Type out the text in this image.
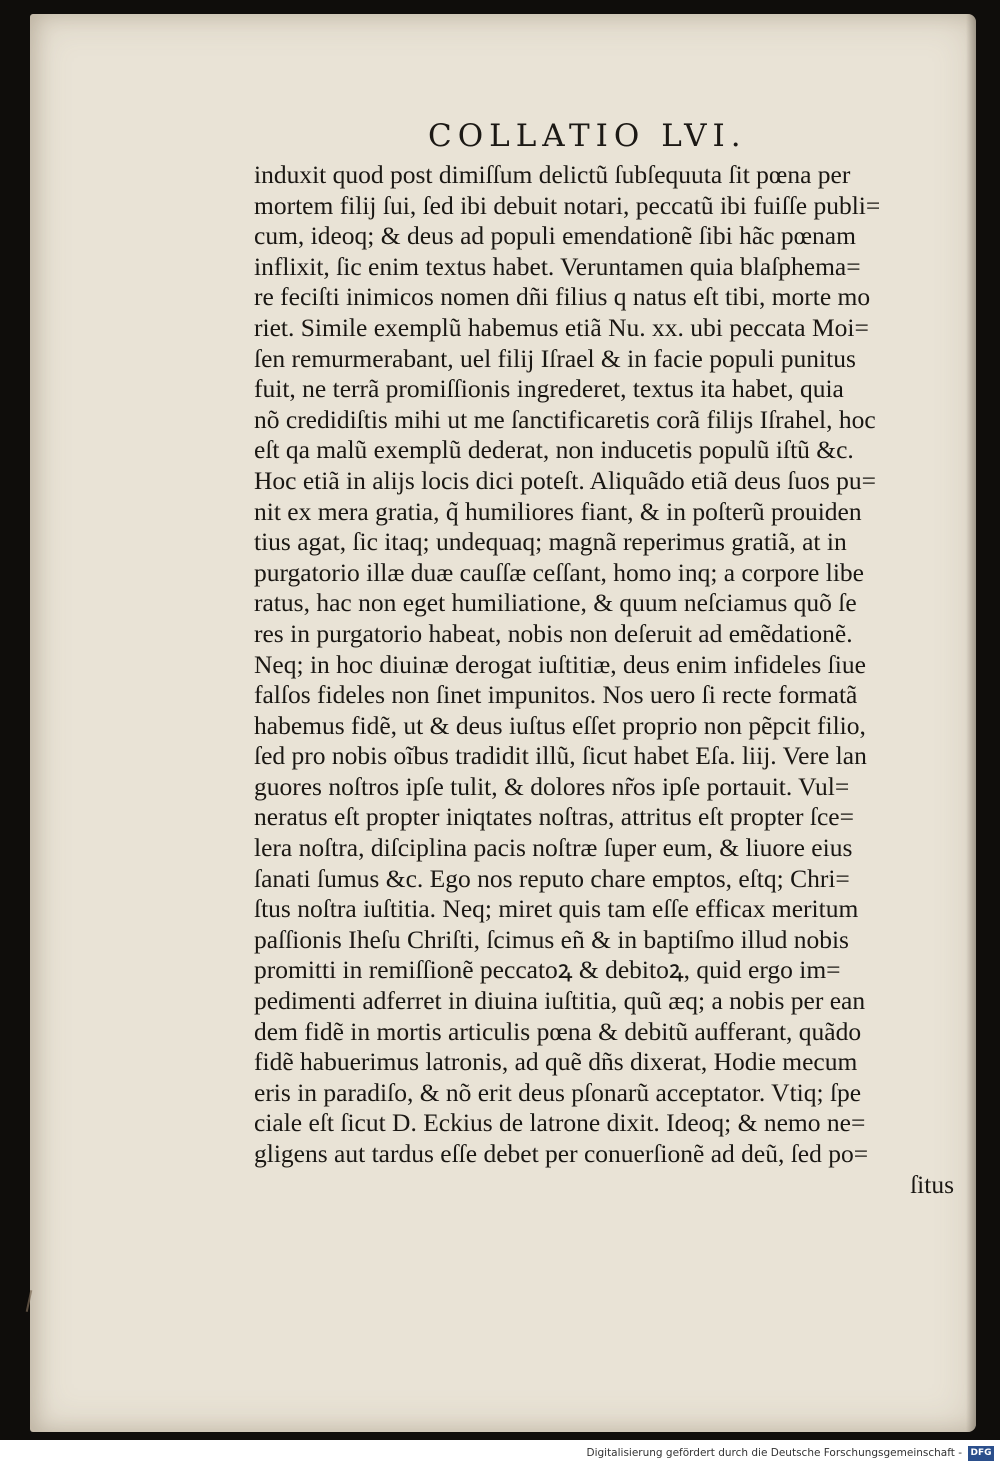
COLLATIO LVI.
induxit quod post dimiſſum delictũ ſubſequuta ſit pœna per
mortem filij ſui, ſed ibi debuit notari, peccatũ ibi fuiſſe publi=
cum, ideoq; & deus ad populi emendationẽ ſibi hãc pœnam
inflixit, ſic enim textus habet. Veruntamen quia blaſphema=
re feciſti inimicos nomen dñi filius q natus eſt tibi, morte mo
riet. Simile exemplũ habemus etiã Nu. xx. ubi peccata Moi=
ſen remurmerabant, uel filij Iſrael & in facie populi punitus
fuit, ne terrã promiſſionis ingrederet, textus ita habet, quia
nõ credidiſtis mihi ut me ſanctificaretis corã filijs Iſrahel, hoc
eſt qa malũ exemplũ dederat, non inducetis populũ iſtũ &c.
Hoc etiã in alijs locis dici poteſt. Aliquãdo etiã deus ſuos pu=
nit ex mera gratia, q̃ humiliores fiant, & in poſterũ prouiden
tius agat, ſic itaq; undequaq; magnã reperimus gratiã, at in
purgatorio illæ duæ cauſſæ ceſſant, homo inq; a corpore libe
ratus, hac non eget humiliatione, & quum neſciamus quõ ſe
res in purgatorio habeat, nobis non deſeruit ad emẽdationẽ.
Neq; in hoc diuinæ derogat iuſtitiæ, deus enim infideles ſiue
falſos fideles non ſinet impunitos. Nos uero ſi recte formatã
habemus fidẽ, ut & deus iuſtus eſſet proprio non pẽpcit filio,
ſed pro nobis oĩbus tradidit illũ, ſicut habet Eſa. liij. Vere lan
guores noſtros ipſe tulit, & dolores nr̃os ipſe portauit. Vul=
neratus eſt propter iniqtates noſtras, attritus eſt propter ſce=
lera noſtra, diſciplina pacis noſtræ ſuper eum, & liuore eius
ſanati ſumus &c. Ego nos reputo chare emptos, eſtq; Chri=
ſtus noſtra iuſtitia. Neq; miret quis tam eſſe efficax meritum
paſſionis Iheſu Chriſti, ſcimus eñ & in baptiſmo illud nobis
promitti in remiſſionẽ peccatoꝝ & debitoꝝ, quid ergo im=
pedimenti adferret in diuina iuſtitia, quũ æq; a nobis per ean
dem fidẽ in mortis articulis pœna & debitũ aufferant, quãdo
fidẽ habuerimus latronis, ad quẽ dñs dixerat, Hodie mecum
eris in paradiſo, & nõ erit deus pſonarũ acceptator. Vtiq; ſpe
ciale eſt ſicut D. Eckius de latrone dixit. Ideoq; & nemo ne=
gligens aut tardus eſſe debet per conuerſionẽ ad deũ, ſed po=
ſitus
Digitalisierung gefördert durch die Deutsche Forschungsgemeinschaft - DFG
